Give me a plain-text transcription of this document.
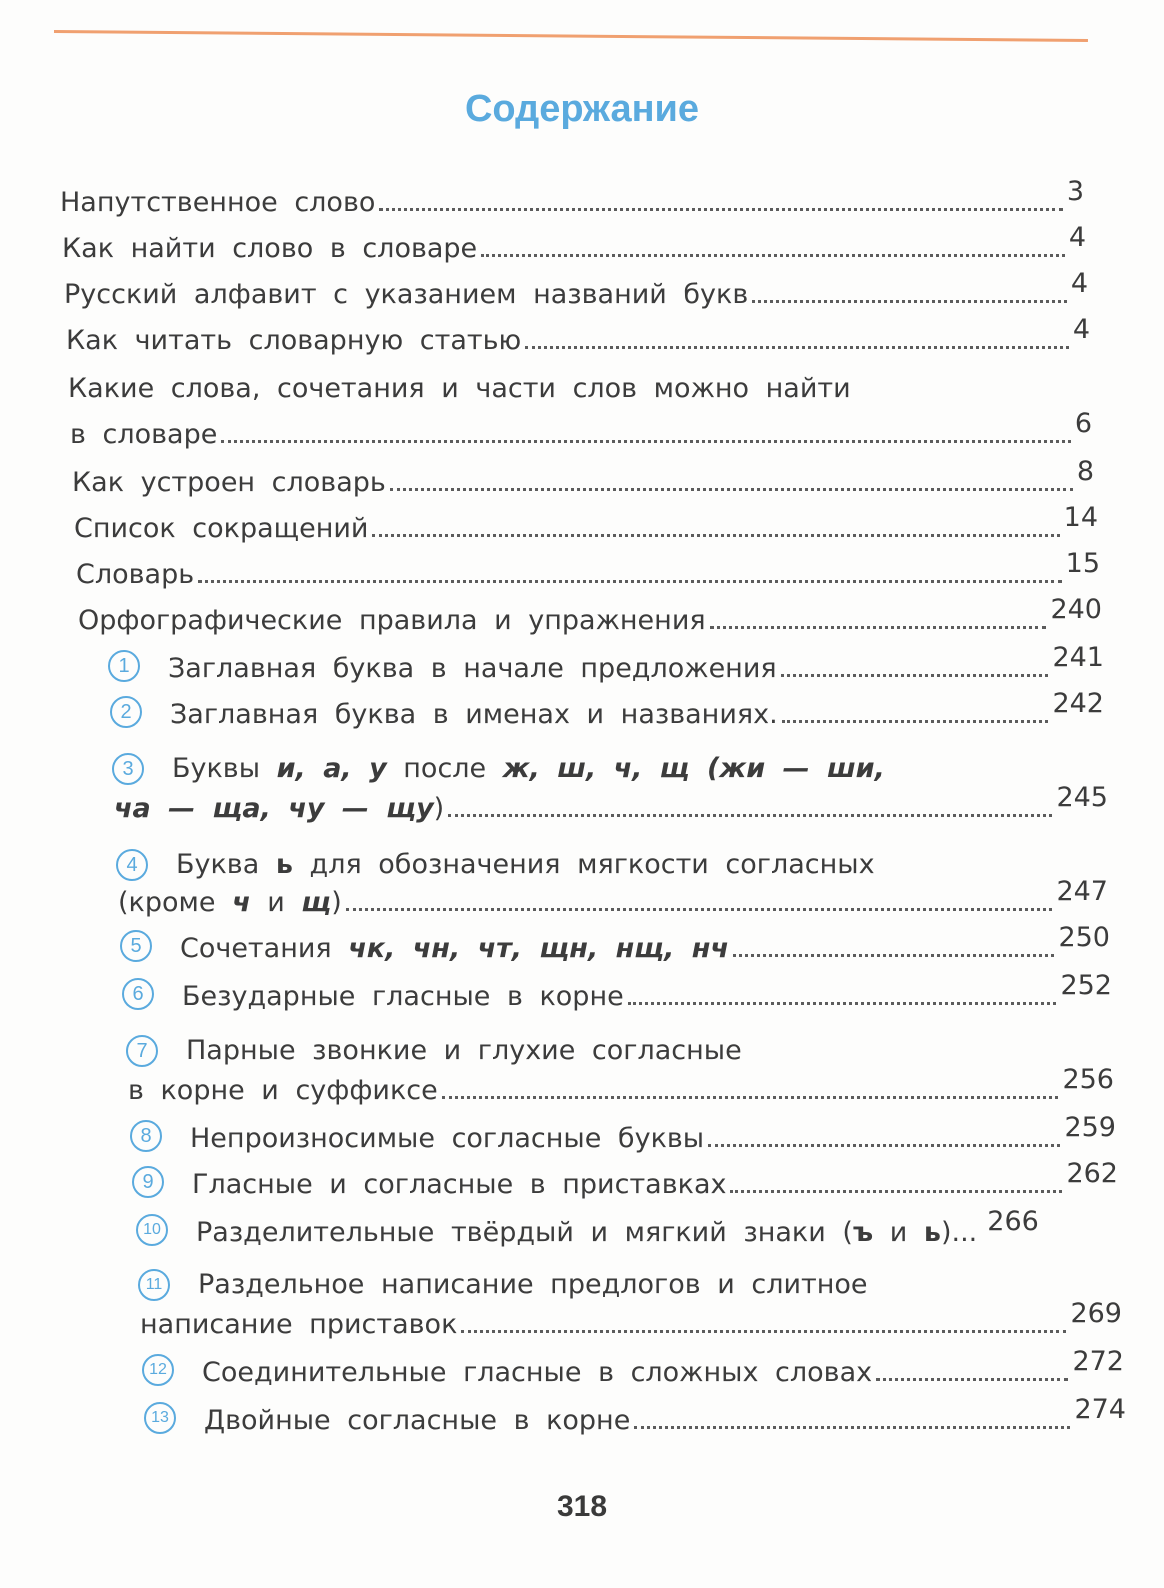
Содержание
Напутственное слово	3
Как найти слово в словаре	4
Русский алфавит с указанием названий букв	4
Как читать словарную статью	4
Какие слова, сочетания и части слов можно найти
в словаре	6
Как устроен словарь	8
Список сокращений	14
Словарь	15
Орфографические правила и упражнения	240
1	Заглавная буква в начале предложения	241
2	Заглавная буква в именах и названиях.	242
3	Буквы и, а, у после ж, ш, ч, щ (жи — ши,
ча — ща, чу — щу)	245
4	Буква ь для обозначения мягкости согласных
(кроме ч и щ)	247
5	Сочетания чк, чн, чт, щн, нщ, нч	250
6	Безударные гласные в корне	252
7	Парные звонкие и глухие согласные
в корне и суффиксе	256
8	Непроизносимые согласные буквы	259
9	Гласные и согласные в приставках	262
10 Разделительные твёрдый и мягкий знаки (ъ и ь)... 266
11 Раздельное написание предлогов и слитное
написание приставок	269
12 Соединительные гласные в сложных словах	272
13 Двойные согласные в корне	274
318
